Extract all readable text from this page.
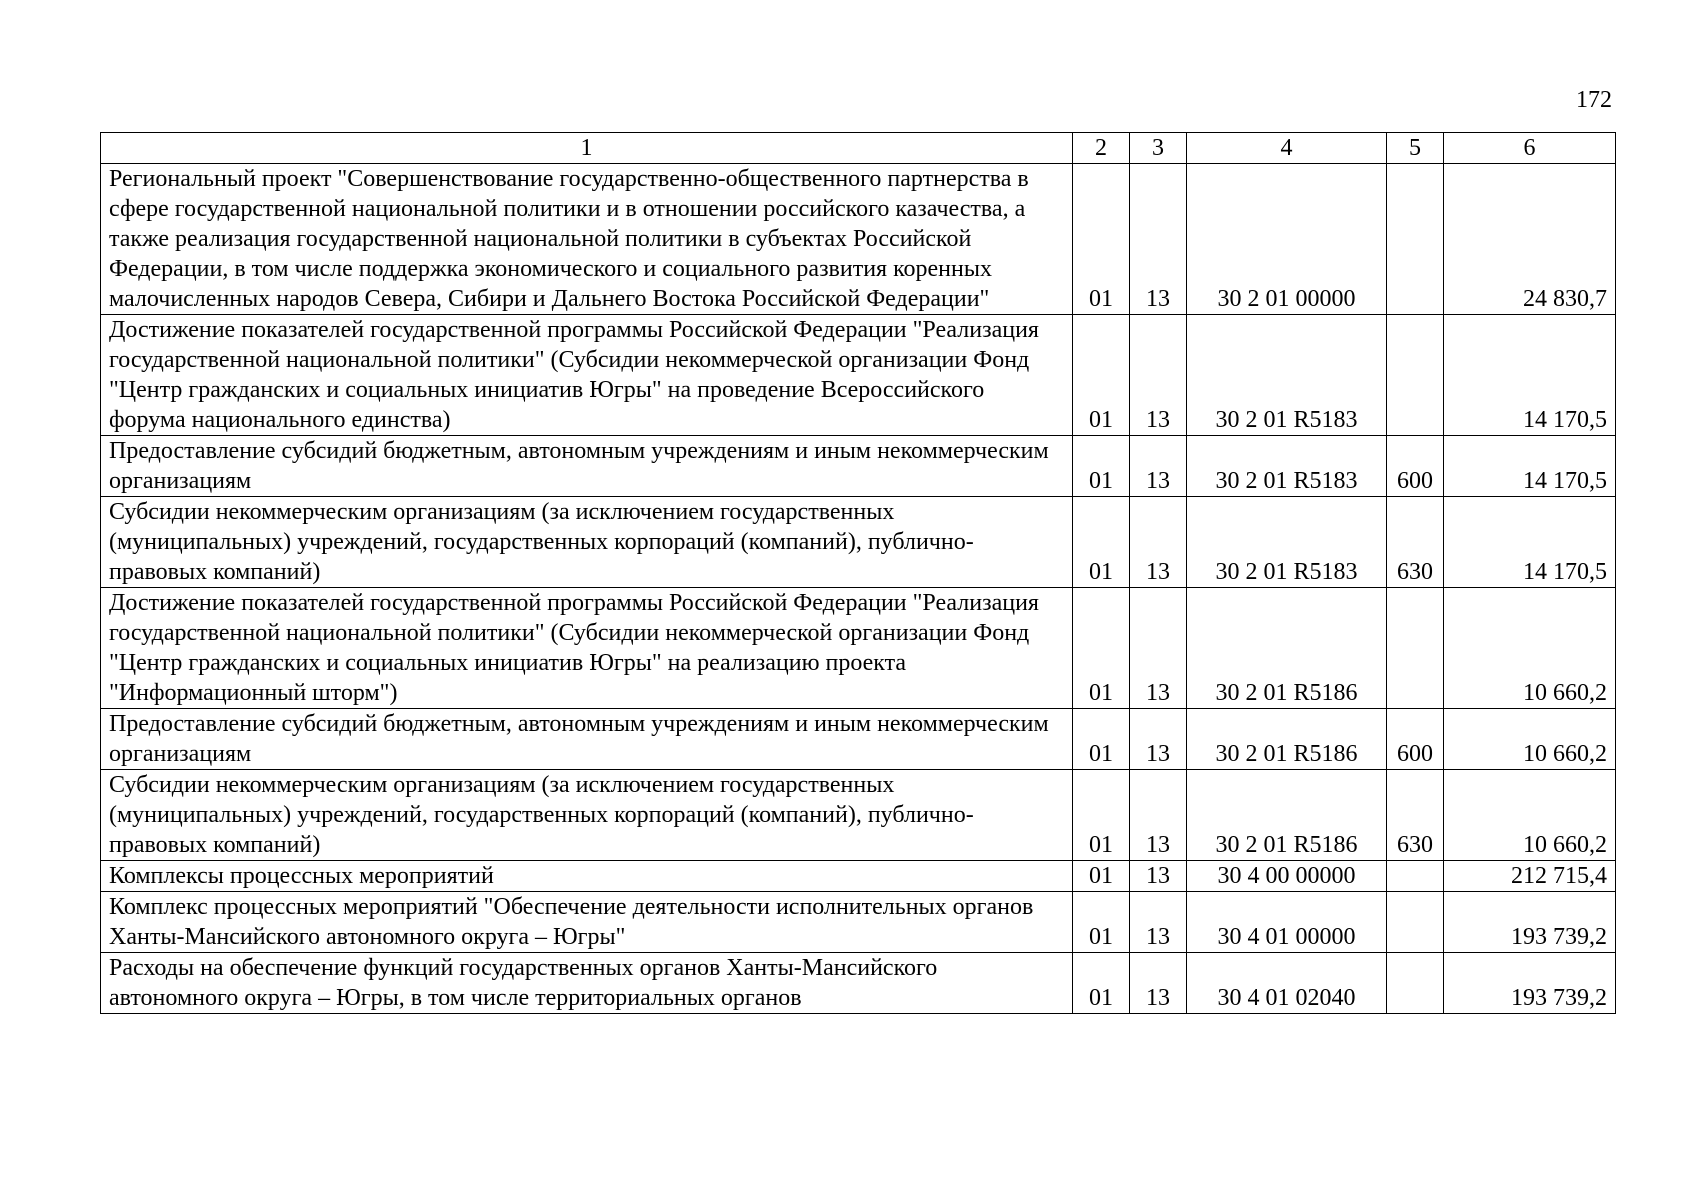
172
1	2	3	4	5	6
Региональный проект "Совершенствование государственно-общественного партнерства в сфере государственной национальной политики и в отношении российского казачества, а также реализация государственной национальной политики в субъектах Российской Федерации, в том числе поддержка экономического и социального развития коренных малочисленных народов Севера, Сибири и Дальнего Востока Российской Федерации"	01	13	30 2 01 00000		24 830,7
Достижение показателей государственной программы Российской Федерации "Реализация государственной национальной политики" (Субсидии некоммерческой организации Фонд "Центр гражданских и социальных инициатив Югры" на проведение Всероссийского форума национального единства)	01	13	30 2 01 R5183		14 170,5
Предоставление субсидий бюджетным, автономным учреждениям и иным некоммерческим организациям	01	13	30 2 01 R5183	600	14 170,5
Субсидии некоммерческим организациям (за исключением государственных (муниципальных) учреждений, государственных корпораций (компаний), публично-правовых компаний)	01	13	30 2 01 R5183	630	14 170,5
Достижение показателей государственной программы Российской Федерации "Реализация государственной национальной политики" (Субсидии некоммерческой организации Фонд "Центр гражданских и социальных инициатив Югры" на реализацию проекта "Информационный шторм")	01	13	30 2 01 R5186		10 660,2
Предоставление субсидий бюджетным, автономным учреждениям и иным некоммерческим организациям	01	13	30 2 01 R5186	600	10 660,2
Субсидии некоммерческим организациям (за исключением государственных (муниципальных) учреждений, государственных корпораций (компаний), публично-правовых компаний)	01	13	30 2 01 R5186	630	10 660,2
Комплексы процессных мероприятий	01	13	30 4 00 00000		212 715,4
Комплекс процессных мероприятий "Обеспечение деятельности исполнительных органов Ханты-Мансийского автономного округа – Югры"	01	13	30 4 01 00000		193 739,2
Расходы на обеспечение функций государственных органов Ханты-Мансийского автономного округа – Югры, в том числе территориальных органов	01	13	30 4 01 02040		193 739,2
